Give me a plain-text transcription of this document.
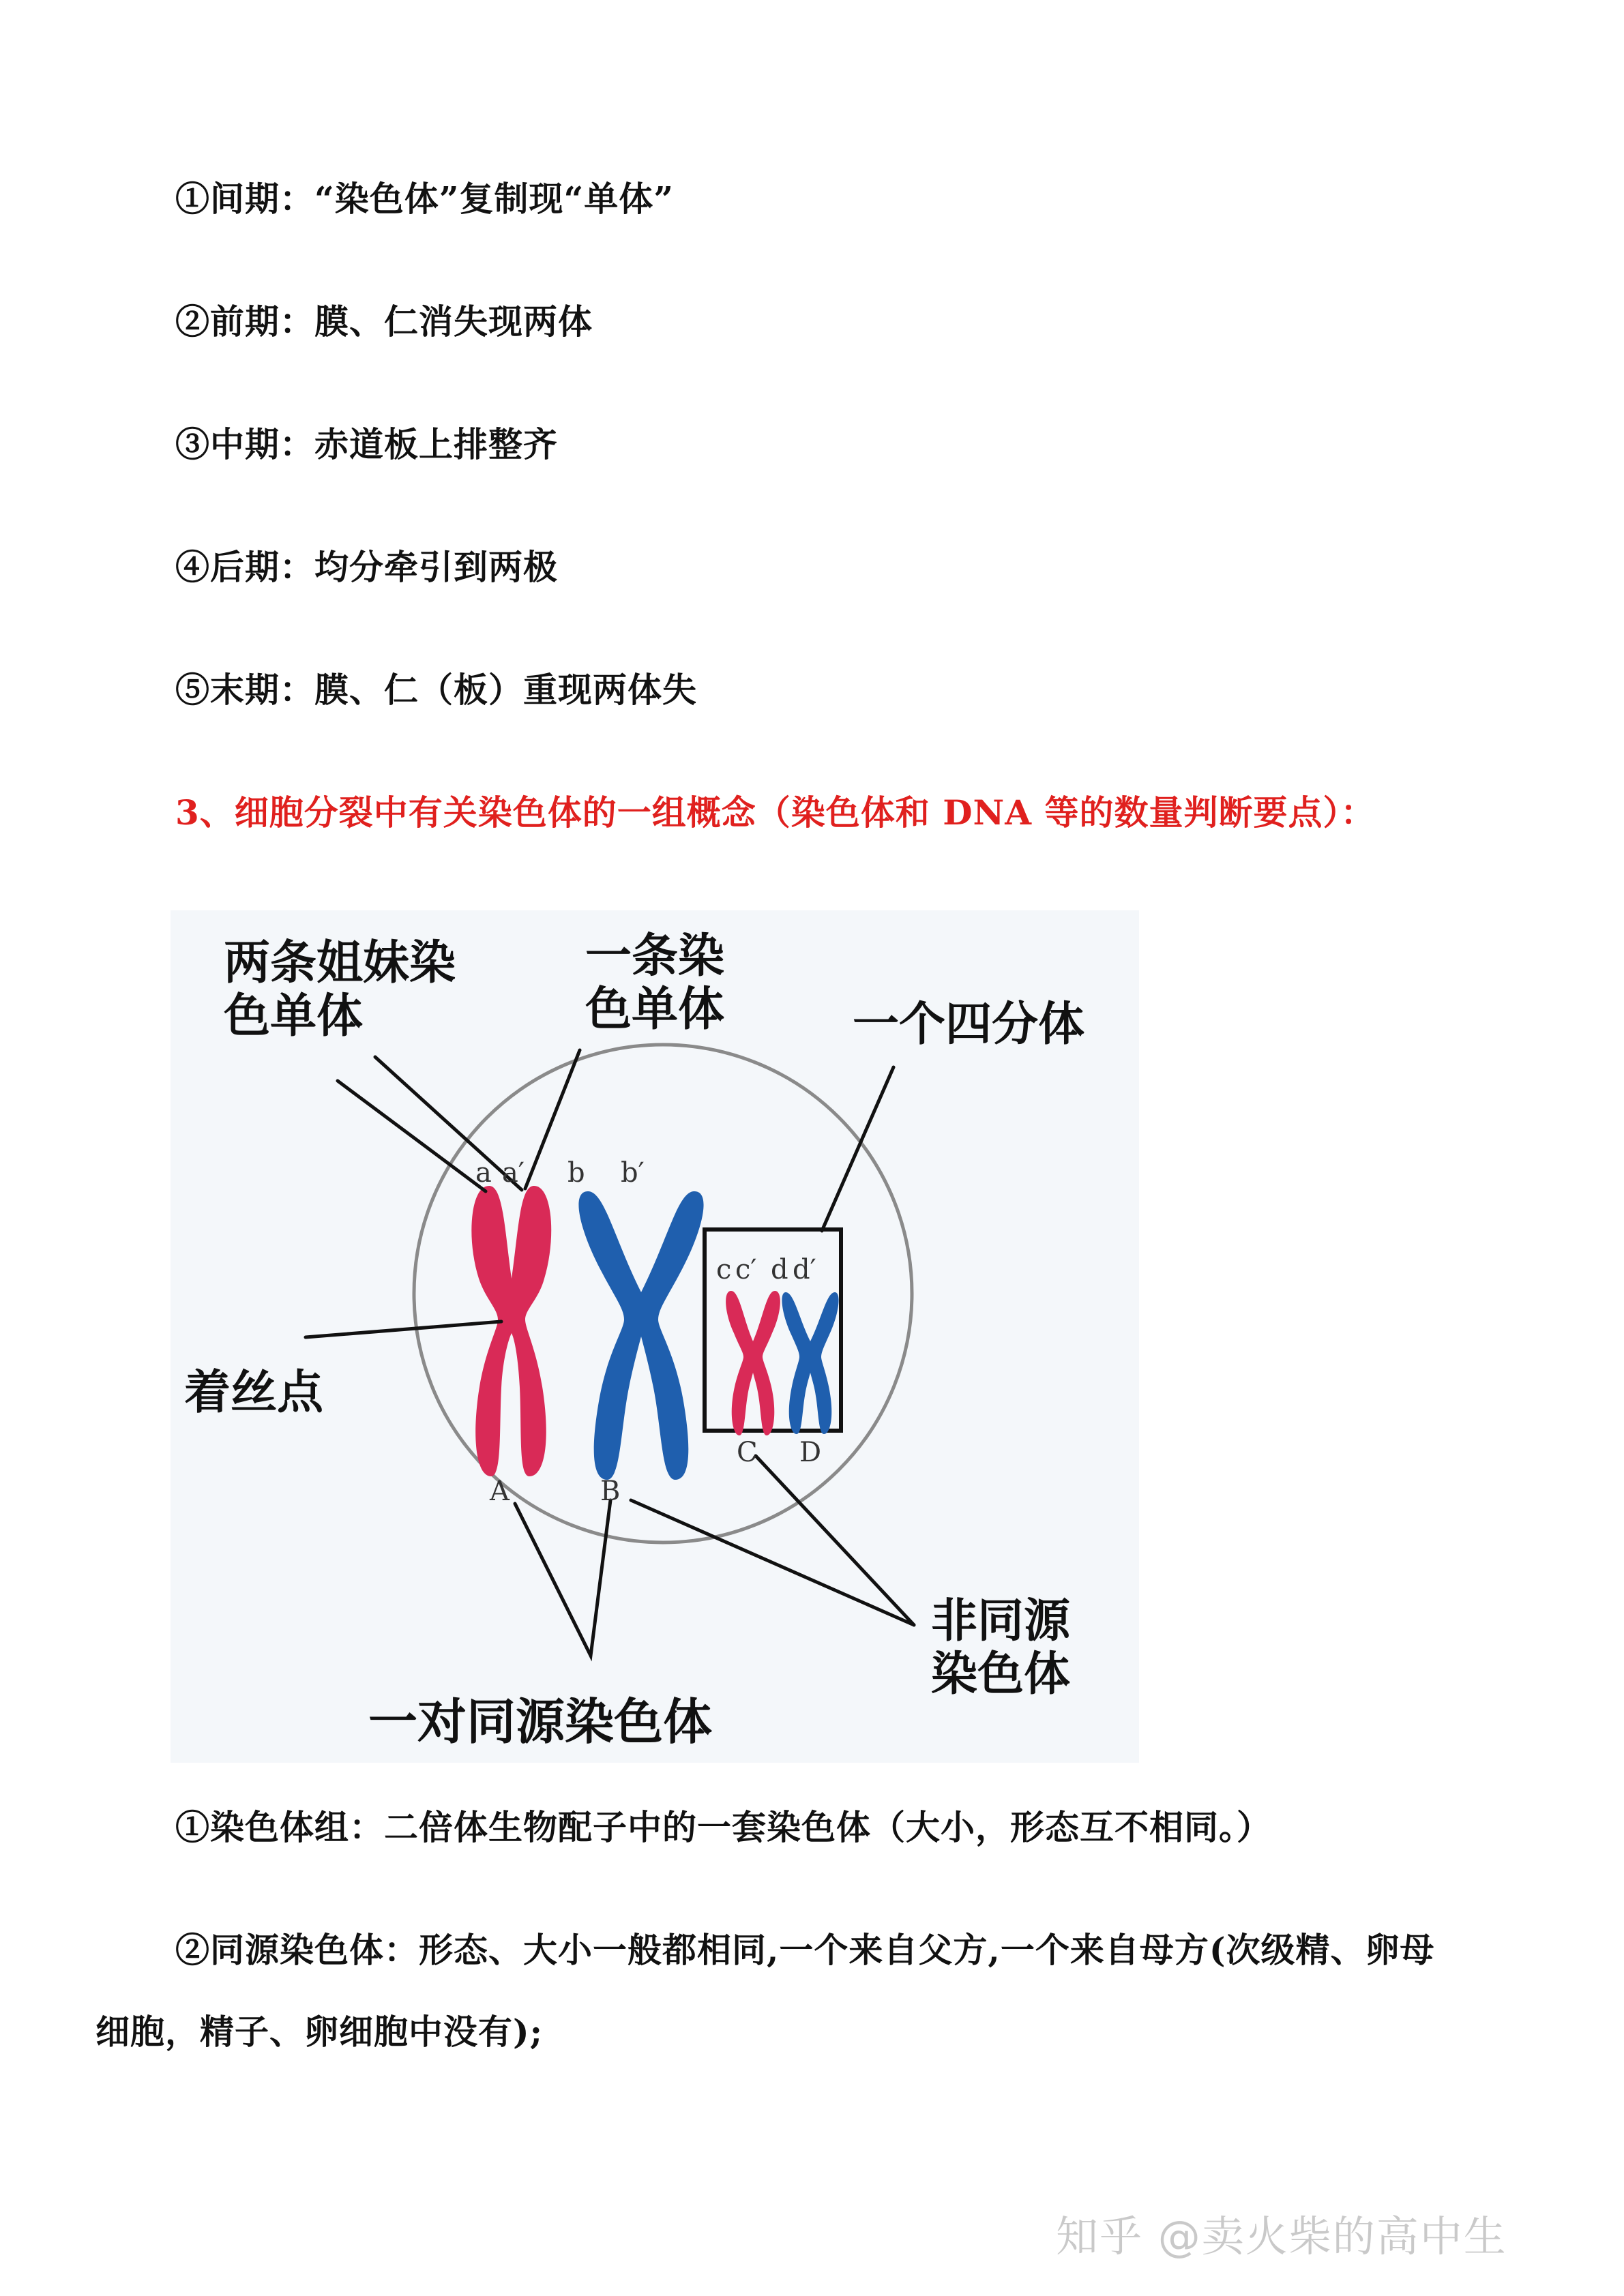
①间期：“染色体”复制现“单体”
②前期：膜、仁消失现两体
③中期：赤道板上排整齐
④后期：均分牵引到两极
⑤末期：膜、仁（板）重现两体失
3、细胞分裂中有关染色体的一组概念（染色体和 DNA 等的数量判断要点）：
两条姐妹染
色单体
一条染
色单体	一个四分体
着丝点
非同源
染色体
一对同源染色体
a a′ b b′
c c′ d d′
A	B
C D
①染色体组：二倍体生物配子中的一套染色体（大小，形态互不相同。）
②同源染色体：形态、大小一般都相同,一个来自父方,一个来自母方(次级精、卵母
细胞，精子、卵细胞中没有);
知乎 @卖火柴的高中生
